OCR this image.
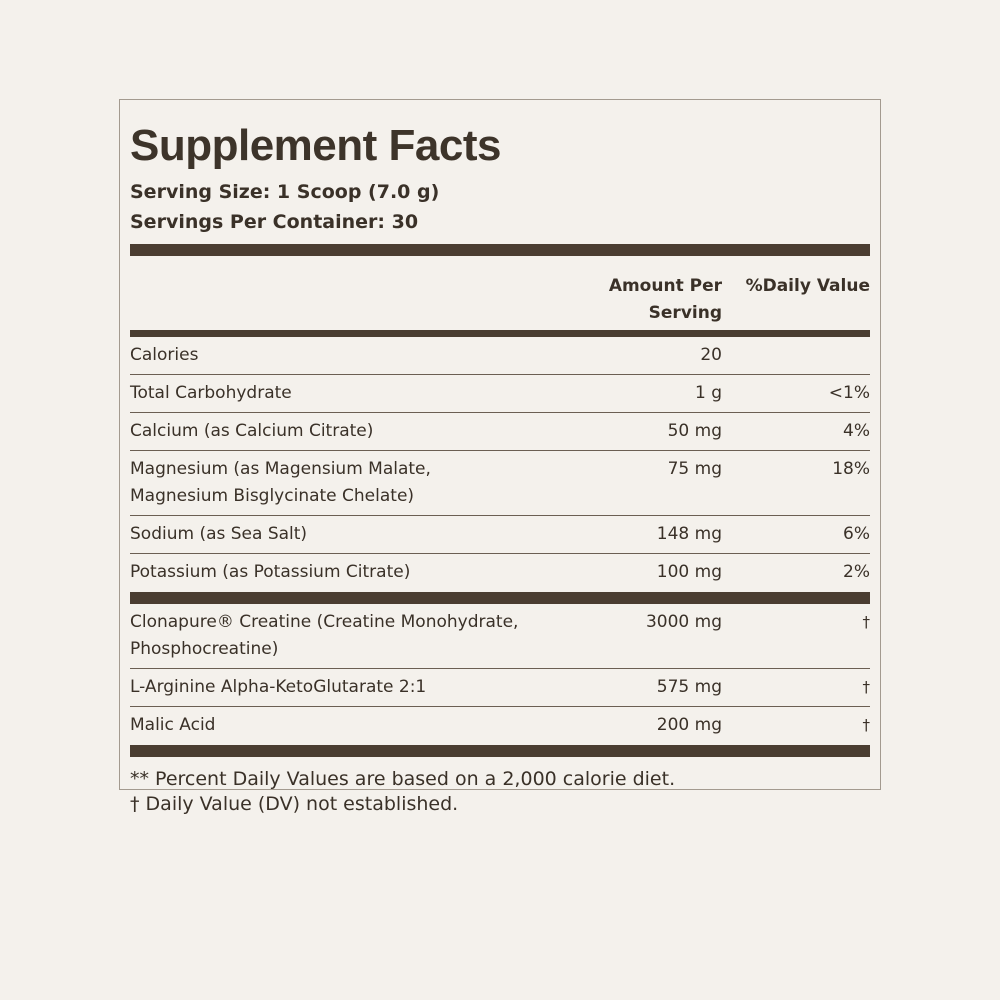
Supplement Facts
Serving Size: 1 Scoop (7.0 g)
Servings Per Container: 30
Amount Per
Serving
%Daily Value
Calories	20
Total Carbohydrate	1 g	<1%
Calcium (as Calcium Citrate)	50 mg	4%
Magnesium (as Magensium Malate,
Magnesium Bisglycinate Chelate)
75 mg	18%
Sodium (as Sea Salt)	148 mg	6%
Potassium (as Potassium Citrate)	100 mg	2%
Clonapure® Creatine (Creatine Monohydrate,
Phosphocreatine)
3000 mg	†
L-Arginine Alpha-KetoGlutarate 2:1	575 mg	†
Malic Acid	200 mg	†
** Percent Daily Values are based on a 2,000 calorie diet.
† Daily Value (DV) not established.
